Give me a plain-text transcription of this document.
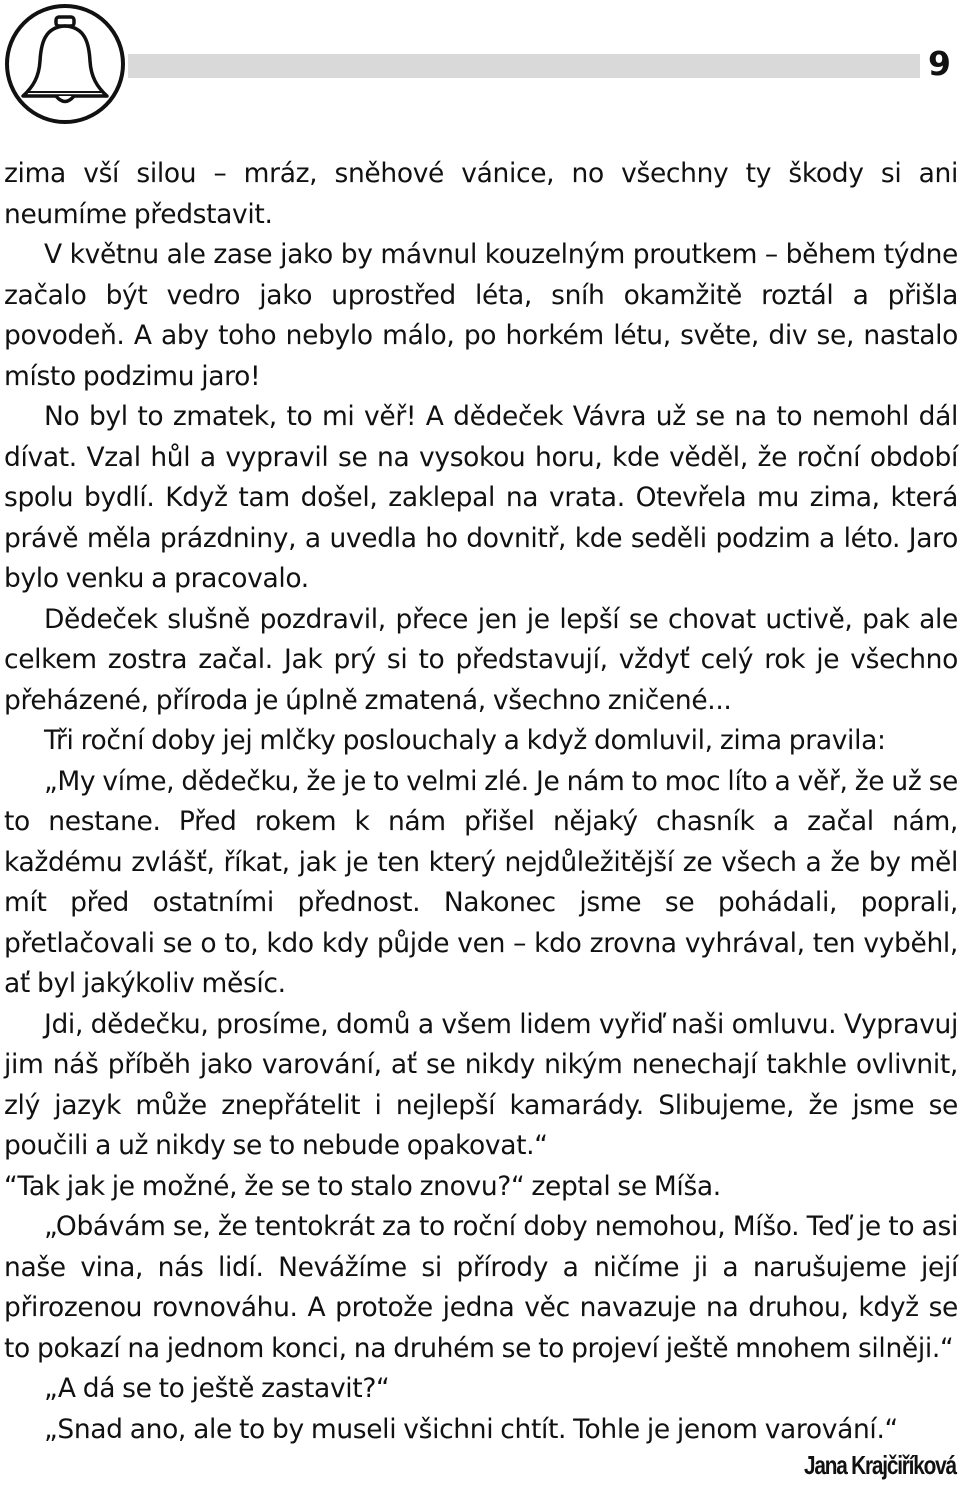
9

zima vší silou – mráz, sněhové vánice, no všechny ty škody si ani neumíme představit.

V květnu ale zase jako by mávnul kouzelným proutkem – během týdne začalo být vedro jako uprostřed léta, sníh okamžitě roztál a přišla povodeň. A aby toho nebylo málo, po horkém létu, světe, div se, nastalo místo podzimu jaro!

No byl to zmatek, to mi věř! A dědeček Vávra už se na to nemohl dál dívat. Vzal hůl a vypravil se na vysokou horu, kde věděl, že roční období spolu bydlí. Když tam došel, zaklepal na vrata. Otevřela mu zima, která právě měla prázdniny, a uvedla ho dovnitř, kde seděli podzim a léto. Jaro bylo venku a pracovalo.

Dědeček slušně pozdravil, přece jen je lepší se chovat uctivě, pak ale celkem zostra začal. Jak prý si to představují, vždyť celý rok je všechno přeházené, příroda je úplně zmatená, všechno zničené...

Tři roční doby jej mlčky poslouchaly a když domluvil, zima pravila:

„My víme, dědečku, že je to velmi zlé. Je nám to moc líto a věř, že už se to nestane. Před rokem k nám přišel nějaký chasník a začal nám, každému zvlášť, říkat, jak je ten který nejdůležitější ze všech a že by měl mít před ostatními přednost. Nakonec jsme se pohádali, poprali, přetlačovali se o to, kdo kdy půjde ven – kdo zrovna vyhrával, ten vyběhl, ať byl jakýkoliv měsíc.

Jdi, dědečku, prosíme, domů a všem lidem vyřiď naši omluvu. Vypravuj jim náš příběh jako varování, ať se nikdy nikým nenechají takhle ovlivnit, zlý jazyk může znepřátelit i nejlepší kamarády. Slibujeme, že jsme se poučili a už nikdy se to nebude opakovat.“

“Tak jak je možné, že se to stalo znovu?“ zeptal se Míša.

„Obávám se, že tentokrát za to roční doby nemohou, Míšo. Teď je to asi naše vina, nás lidí. Nevážíme si přírody a ničíme ji a narušujeme její přirozenou rovnováhu. A protože jedna věc navazuje na druhou, když se to pokazí na jednom konci, na druhém se to projeví ještě mnohem silněji.“

„A dá se to ještě zastavit?“

„Snad ano, ale to by museli všichni chtít. Tohle je jenom varování.“

Jana Krajčiříková
